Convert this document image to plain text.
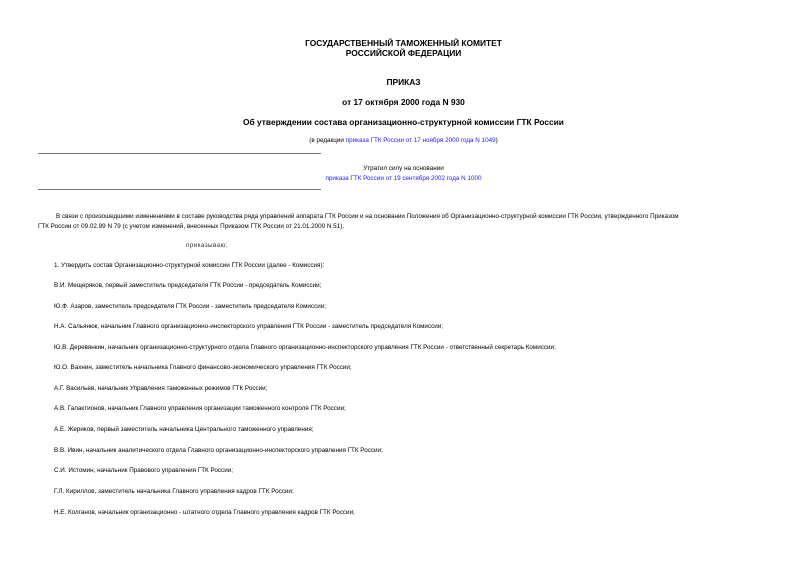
ГОСУДАРСТВЕННЫЙ ТАМОЖЕННЫЙ КОМИТЕТ
РОССИЙСКОЙ ФЕДЕРАЦИИ
ПРИКАЗ
от 17 октября 2000 года N 930
Об утверждении состава организационно-структурной комиссии ГТК России
(в редакции приказа ГТК России от 17 ноября 2000 года N 1049)
Утратил силу на основании
приказа ГТК России от 19 сентября 2002 года N 1000
В связи с произошедшими изменениями в составе руководства ряда управлений аппарата ГТК России и на основании Положения об Организационно-структурной комиссии ГТК России, утвержденного Приказом
ГТК России от 09.02.99 N 79 (с учетом изменений, внесенных Приказом ГТК России от 21.01.2000 N 51),
приказываю:
1. Утвердить состав Организационно-структурной комиссии ГТК России (далее - Комиссия):
В.И. Мещеряков, первый заместитель председателя ГТК России - председатель Комиссии;
Ю.Ф. Азаров, заместитель председателя ГТК России - заместитель председателя Комиссии;
Н.А. Сальянюк, начальник Главного организационно-инспекторского управления ГТК России - заместитель председателя Комиссии;
Ю.В. Деревянкин, начальник организационно-структурного отдела Главного организационно-инспекторского управления ГТК России - ответственный секретарь Комиссии;
Ю.О. Вахнин, заместитель начальника Главного финансово-экономического управления ГТК России;
А.Г. Васильев, начальник Управления таможенных режимов ГТК России;
А.В. Галактионов, начальник Главного управления организации таможенного контроля ГТК России;
А.Е. Жериков, первый заместитель начальника Центрального таможенного управления;
В.В. Ивин, начальник аналитического отдела Главного организационно-инспекторского управления ГТК России;
С.И. Истомин, начальник Правового управления ГТК России;
Г.Л. Кириллов, заместитель начальника Главного управления кадров ГТК России;
Н.Е. Колганов, начальник организационно - штатного отдела Главного управления кадров ГТК России;
